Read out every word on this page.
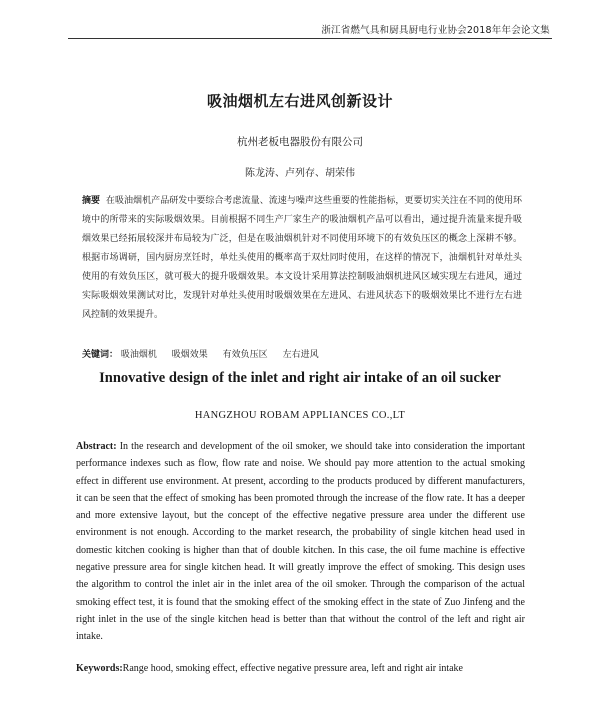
浙江省燃气具和厨具厨电行业协会2018年年会论文集
吸油烟机左右进风创新设计
杭州老板电器股份有限公司
陈龙涛、卢列存、胡荣伟
摘要 在吸油烟机产品研发中要综合考虑流量、流速与噪声这些重要的性能指标，更要切实关注在不同的使用环境中的所带来的实际吸烟效果。目前根据不同生产厂家生产的吸油烟机产品可以看出，通过提升流量来提升吸烟效果已经拓展较深并布局较为广泛，但是在吸油烟机针对不同使用环境下的有效负压区的概念上深耕不够。根据市场调研，国内厨房烹饪时，单灶头使用的概率高于双灶同时使用，在这样的情况下，油烟机针对单灶头使用的有效负压区，就可极大的提升吸烟效果。本文设计采用算法控制吸油烟机进风区域实现左右进风，通过实际吸烟效果测试对比，发现针对单灶头使用时吸烟效果在左进风、右进风状态下的吸烟效果比不进行左右进风控制的效果提升。
关键词： 吸油烟机 吸烟效果 有效负压区 左右进风
Innovative design of the inlet and right air intake of an oil sucker
HANGZHOU ROBAM APPLIANCES CO.,LT
Abstract: In the research and development of the oil smoker, we should take into consideration the important performance indexes such as flow, flow rate and noise. We should pay more attention to the actual smoking effect in different use environment. At present, according to the products produced by different manufacturers, it can be seen that the effect of smoking has been promoted through the increase of the flow rate. It has a deeper and more extensive layout, but the concept of the effective negative pressure area under the different use environment is not enough. According to the market research, the probability of single kitchen head used in domestic kitchen cooking is higher than that of double kitchen. In this case, the oil fume machine is effective negative pressure area for single kitchen head. It will greatly improve the effect of smoking. This design uses the algorithm to control the inlet air in the inlet area of the oil smoker. Through the comparison of the actual smoking effect test, it is found that the smoking effect of the smoking effect in the state of Zuo Jinfeng and the right inlet in the use of the single kitchen head is better than that without the control of the left and right air intake.
Keywords:Range hood, smoking effect, effective negative pressure area, left and right air intake
